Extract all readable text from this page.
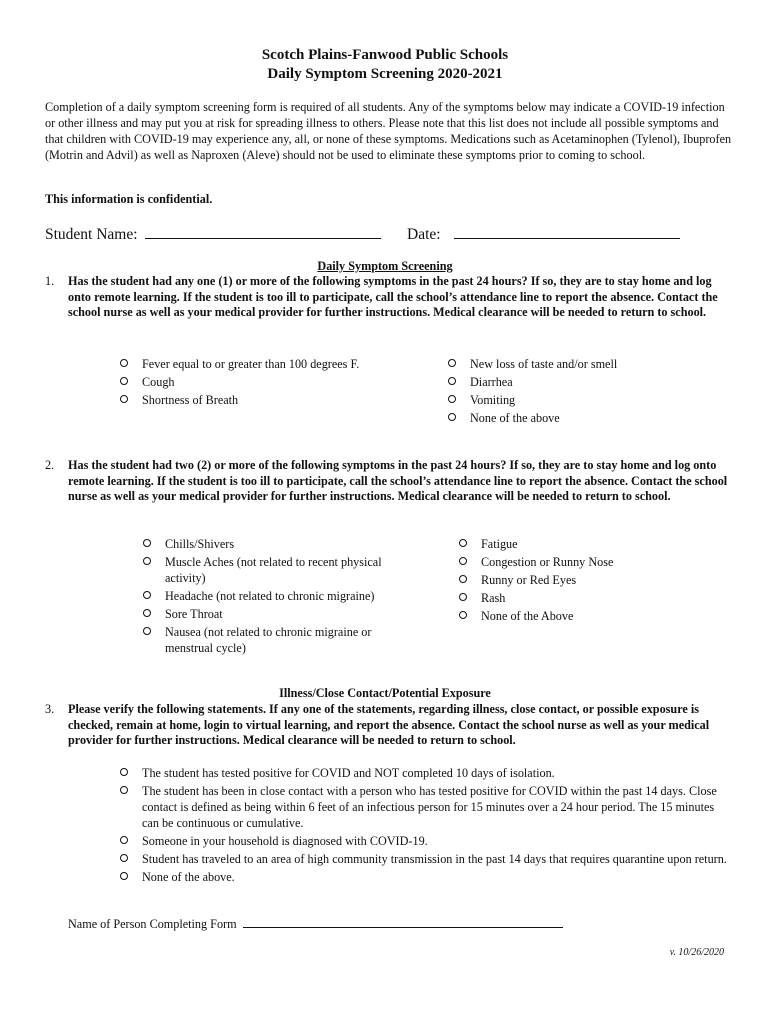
Scotch Plains-Fanwood Public Schools
Daily Symptom Screening 2020-2021
Completion of a daily symptom screening form is required of all students. Any of the symptoms below may indicate a COVID-19 infection or other illness and may put you at risk for spreading illness to others. Please note that this list does not include all possible symptoms and that children with COVID-19 may experience any, all, or none of these symptoms. Medications such as Acetaminophen (Tylenol), Ibuprofen (Motrin and Advil) as well as Naproxen (Aleve) should not be used to eliminate these symptoms prior to coming to school.
This information is confidential.
Student Name:	Date:
Daily Symptom Screening
1. Has the student had any one (1) or more of the following symptoms in the past 24 hours? If so, they are to stay home and log onto remote learning. If the student is too ill to participate, call the school’s attendance line to report the absence. Contact the school nurse as well as your medical provider for further instructions. Medical clearance will be needed to return to school.
Fever equal to or greater than 100 degrees F.
Cough
Shortness of Breath
New loss of taste and/or smell
Diarrhea
Vomiting
None of the above
2. Has the student had two (2) or more of the following symptoms in the past 24 hours? If so, they are to stay home and log onto remote learning. If the student is too ill to participate, call the school’s attendance line to report the absence. Contact the school nurse as well as your medical provider for further instructions. Medical clearance will be needed to return to school.
Chills/Shivers
Muscle Aches (not related to recent physical activity)
Headache (not related to chronic migraine)
Sore Throat
Nausea (not related to chronic migraine or menstrual cycle)
Fatigue
Congestion or Runny Nose
Runny or Red Eyes
Rash
None of the Above
Illness/Close Contact/Potential Exposure
3. Please verify the following statements. If any one of the statements, regarding illness, close contact, or possible exposure is checked, remain at home, login to virtual learning, and report the absence. Contact the school nurse as well as your medical provider for further instructions. Medical clearance will be needed to return to school.
The student has tested positive for COVID and NOT completed 10 days of isolation.
The student has been in close contact with a person who has tested positive for COVID within the past 14 days. Close contact is defined as being within 6 feet of an infectious person for 15 minutes over a 24 hour period. The 15 minutes can be continuous or cumulative.
Someone in your household is diagnosed with COVID-19.
Student has traveled to an area of high community transmission in the past 14 days that requires quarantine upon return.
None of the above.
Name of Person Completing Form
v. 10/26/2020
